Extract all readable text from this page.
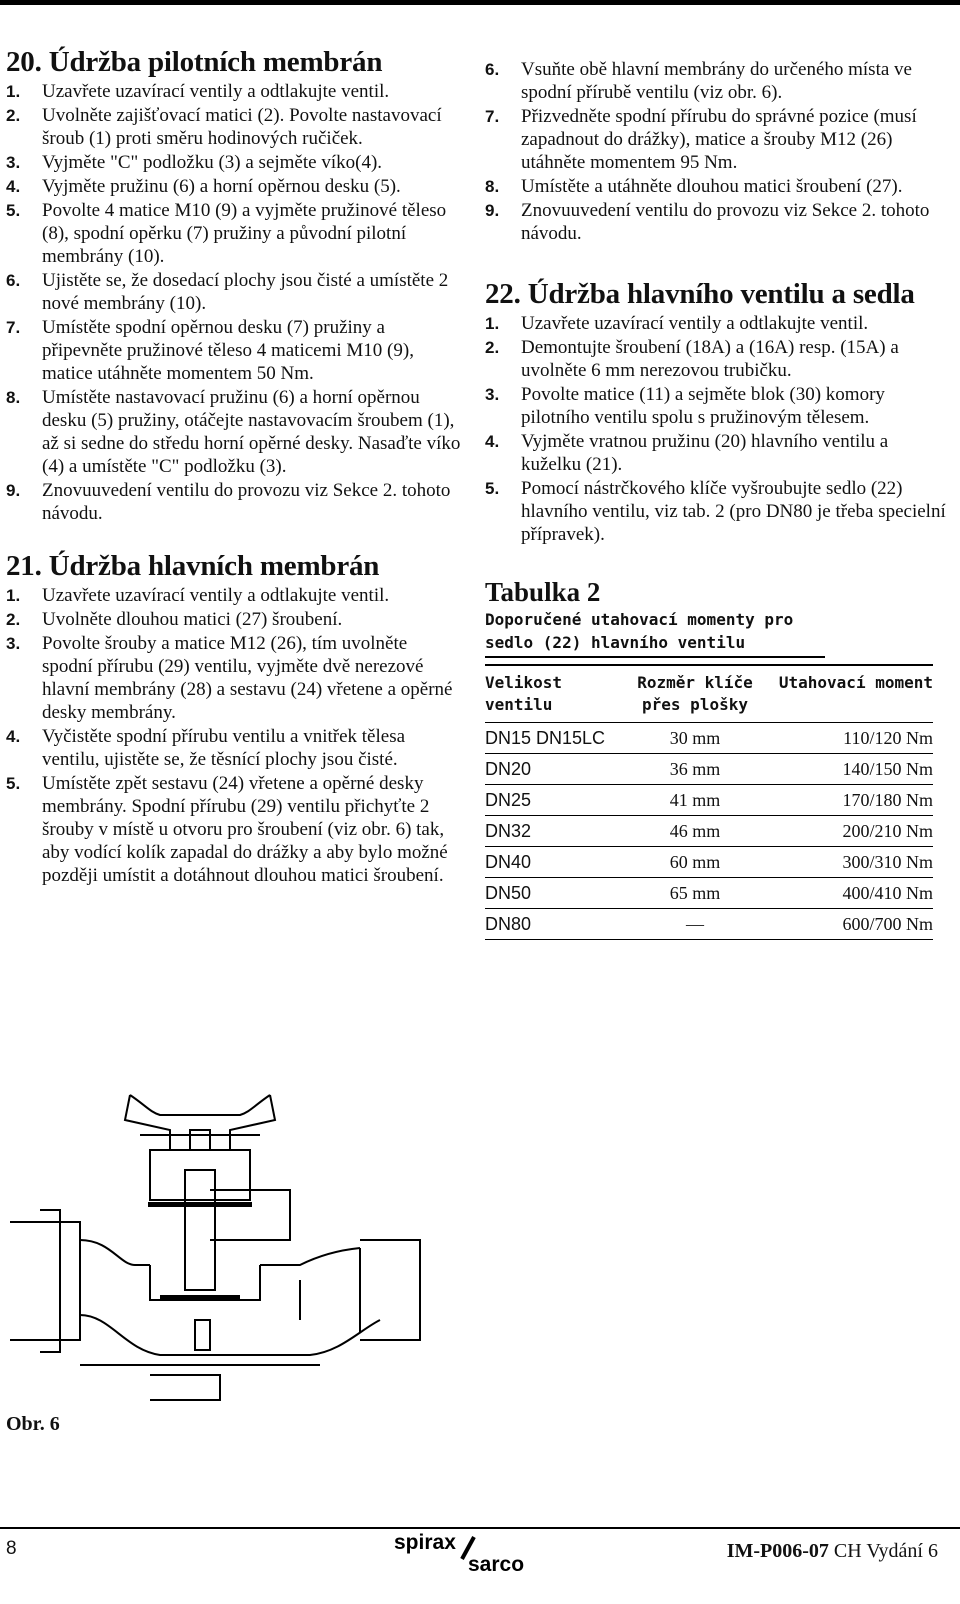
20. Údržba pilotních membrán
1. Uzavřete uzavírací ventily a odtlakujte ventil.
2. Uvolněte zajišťovací matici (2). Povolte nastavovací šroub (1) proti směru hodinových ručiček.
3. Vyjměte "C" podložku (3) a sejměte víko(4).
4. Vyjměte pružinu (6) a horní opěrnou desku (5).
5. Povolte 4 matice M10 (9) a vyjměte pružinové těleso (8), spodní opěrku (7) pružiny a původní pilotní membrány (10).
6. Ujistěte se, že dosedací plochy jsou čisté a umístěte 2 nové membrány (10).
7. Umístěte spodní opěrnou desku (7) pružiny a připevněte pružinové těleso 4 maticemi M10 (9), matice utáhněte momentem 50 Nm.
8. Umístěte nastavovací pružinu (6) a horní opěrnou desku (5) pružiny, otáčejte nastavovacím šroubem (1), až si sedne do středu horní opěrné desky. Nasaďte víko (4) a umístěte "C" podložku (3).
9. Znovuuvedení ventilu do provozu viz Sekce 2. tohoto návodu.
21. Údržba hlavních membrán
1. Uzavřete uzavírací ventily a odtlakujte ventil.
2. Uvolněte dlouhou matici (27) šroubení.
3. Povolte šrouby a matice M12 (26), tím uvolněte spodní přírubu (29) ventilu, vyjměte dvě nerezové hlavní membrány (28) a sestavu (24) vřetene a opěrné desky membrány.
4. Vyčistěte spodní přírubu ventilu a vnitřek tělesa ventilu, ujistěte se, že těsnící plochy jsou čisté.
5. Umístěte zpět sestavu (24) vřetene a opěrné desky membrány. Spodní přírubu (29) ventilu přichyťte 2 šrouby v místě u otvoru pro šroubení (viz obr. 6) tak, aby vodící kolík zapadal do drážky a aby bylo možné později umístit a dotáhnout dlouhou matici šroubení.
6. Vsuňte obě hlavní membrány do určeného místa ve spodní přírubě ventilu (viz obr. 6).
7. Přizvedněte spodní přírubu do správné pozice (musí zapadnout do drážky), matice a šrouby M12 (26) utáhněte momentem 95 Nm.
8. Umístěte a utáhněte dlouhou matici šroubení (27).
9. Znovuuvedení ventilu do provozu viz Sekce 2. tohoto návodu.
22. Údržba hlavního ventilu a sedla
1. Uzavřete uzavírací ventily a odtlakujte ventil.
2. Demontujte šroubení (18A) a (16A) resp. (15A) a uvolněte 6 mm nerezovou trubičku.
3. Povolte matice (11) a sejměte blok (30) komory pilotního ventilu spolu s pružinovým tělesem.
4. Vyjměte vratnou pružinu (20) hlavního ventilu a kuželku (21).
5. Pomocí nástrčkového klíče vyšroubujte sedlo (22) hlavního ventilu, viz tab. 2 (pro DN80 je třeba specielní přípravek).
Tabulka 2
Doporučené utahovací momenty pro sedlo (22) hlavního ventilu
Velikost ventilu	Rozměr klíče přes plošky	Utahovací moment
DN15 DN15LC	30 mm	110/120 Nm
DN20	36 mm	140/150 Nm
DN25	41 mm	170/180 Nm
DN32	46 mm	200/210 Nm
DN40	60 mm	300/310 Nm
DN50	65 mm	400/410 Nm
DN80	—	600/700 Nm
Obr. 6
8	spirax
sarco
IM-P006-07 CH Vydání 6
